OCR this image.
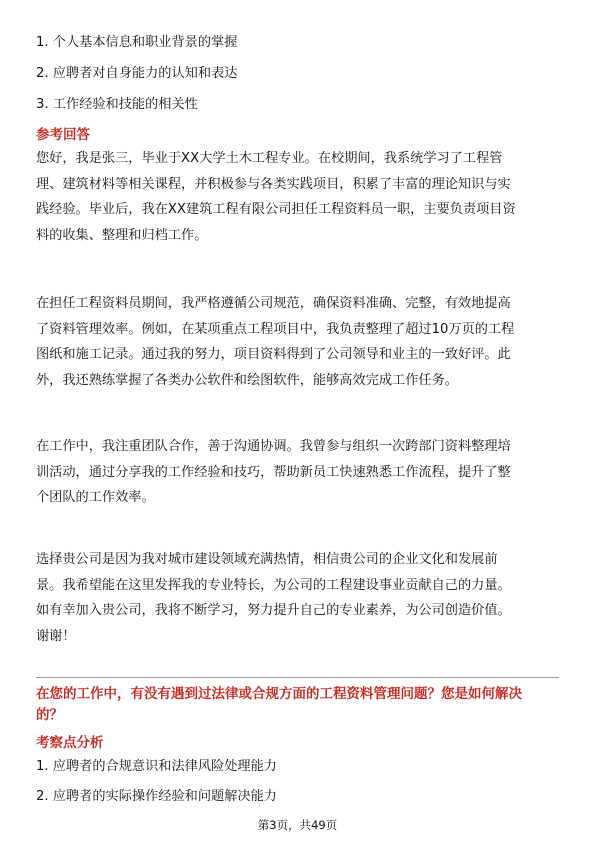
1. 个人基本信息和职业背景的掌握
2. 应聘者对自身能力的认知和表达
3. 工作经验和技能的相关性
参考回答
您好，我是张三，毕业于XX大学土木工程专业。在校期间，我系统学习了工程管
理、建筑材料等相关课程，并积极参与各类实践项目，积累了丰富的理论知识与实
践经验。毕业后，我在XX建筑工程有限公司担任工程资料员一职，主要负责项目资
料的收集、整理和归档工作。
在担任工程资料员期间，我严格遵循公司规范，确保资料准确、完整，有效地提高
了资料管理效率。例如，在某项重点工程项目中，我负责整理了超过10万页的工程
图纸和施工记录。通过我的努力，项目资料得到了公司领导和业主的一致好评。此
外，我还熟练掌握了各类办公软件和绘图软件，能够高效完成工作任务。
在工作中，我注重团队合作，善于沟通协调。我曾参与组织一次跨部门资料整理培
训活动，通过分享我的工作经验和技巧，帮助新员工快速熟悉工作流程，提升了整
个团队的工作效率。
选择贵公司是因为我对城市建设领域充满热情，相信贵公司的企业文化和发展前
景。我希望能在这里发挥我的专业特长，为公司的工程建设事业贡献自己的力量。
如有幸加入贵公司，我将不断学习，努力提升自己的专业素养，为公司创造价值。
谢谢！
在您的工作中，有没有遇到过法律或合规方面的工程资料管理问题？您是如何解决
的？
考察点分析
1. 应聘者的合规意识和法律风险处理能力
2. 应聘者的实际操作经验和问题解决能力
第3页，共49页
